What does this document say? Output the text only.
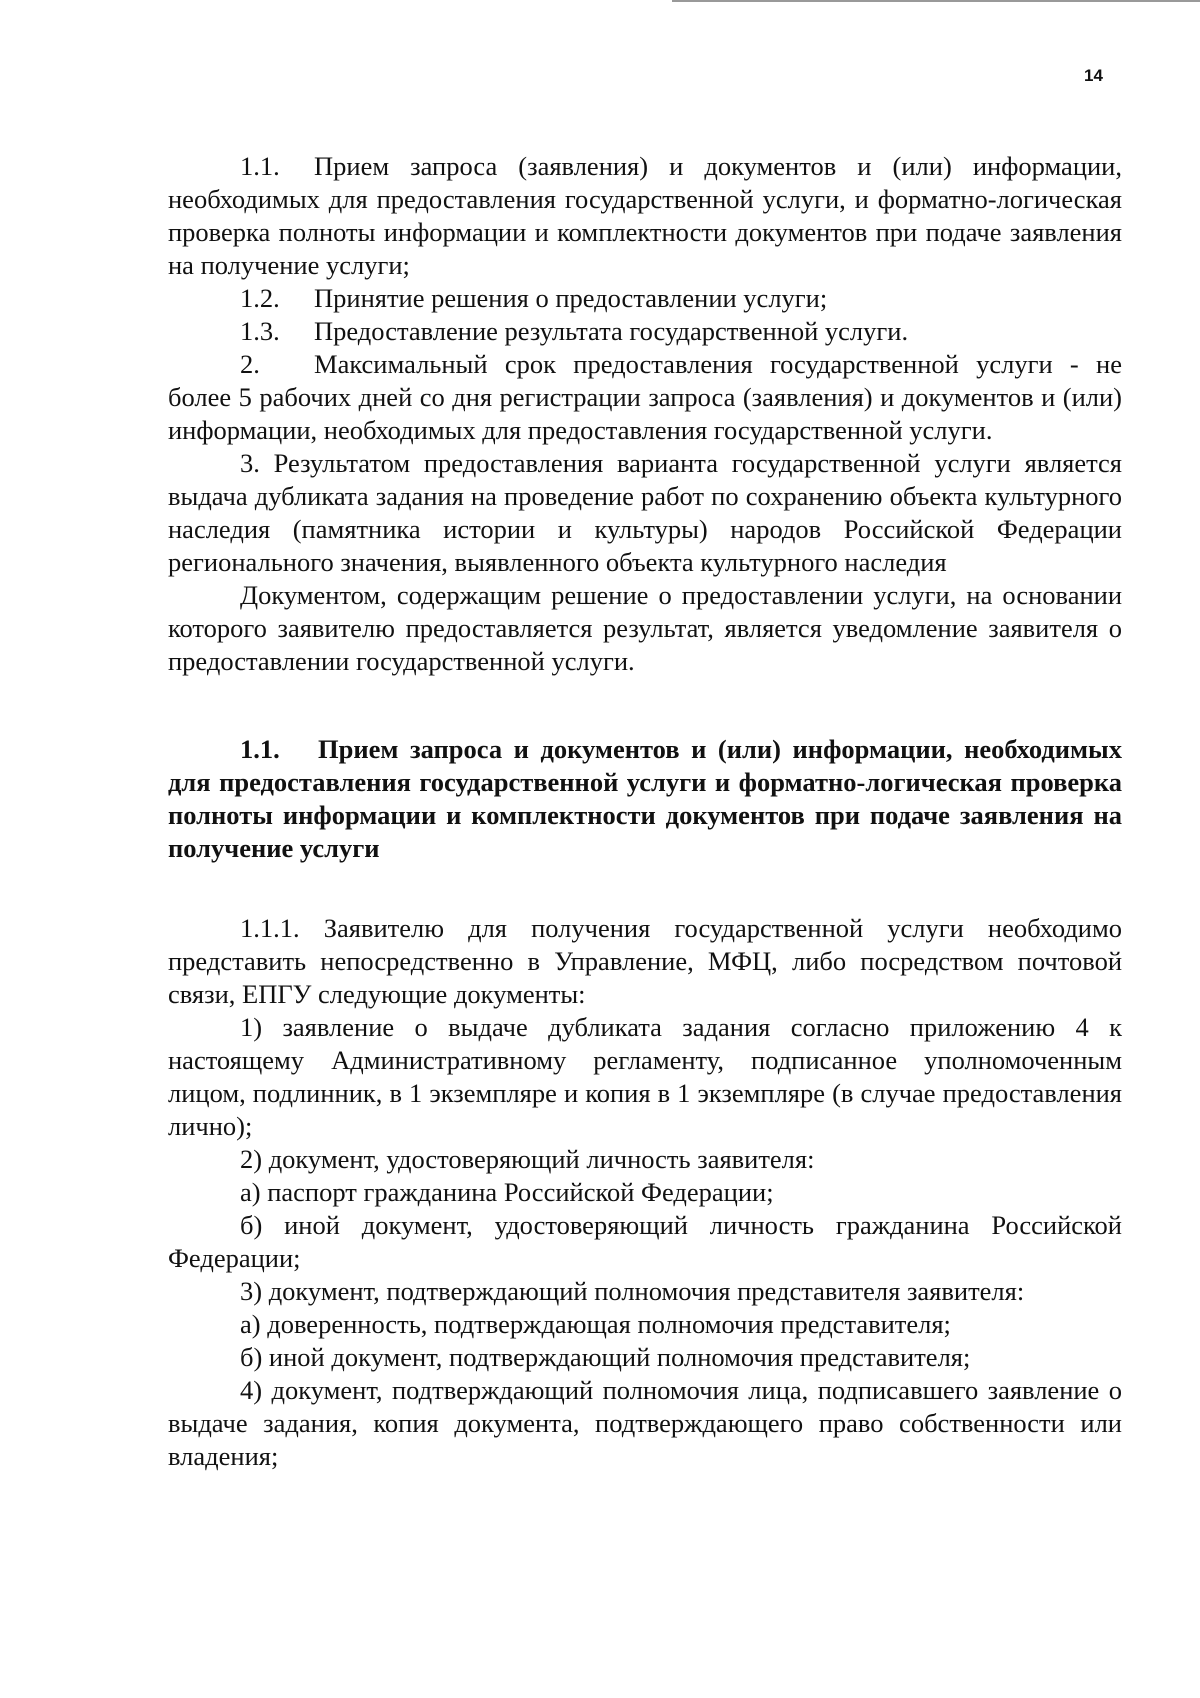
14

1.1. Прием запроса (заявления) и документов и (или) информации, необходимых для предоставления государственной услуги, и форматно-логическая проверка полноты информации и комплектности документов при подаче заявления на получение услуги;

1.2. Принятие решения о предоставлении услуги;

1.3. Предоставление результата государственной услуги.

2. Максимальный срок предоставления государственной услуги - не более 5 рабочих дней со дня регистрации запроса (заявления) и документов и (или) информации, необходимых для предоставления государственной услуги.

3. Результатом предоставления варианта государственной услуги является выдача дубликата задания на проведение работ по сохранению объекта культурного наследия (памятника истории и культуры) народов Российской Федерации регионального значения, выявленного объекта культурного наследия

Документом, содержащим решение о предоставлении услуги, на основании которого заявителю предоставляется результат, является уведомление заявителя о предоставлении государственной услуги.

1.1. Прием запроса и документов и (или) информации, необходимых для предоставления государственной услуги и форматно-логическая проверка полноты информации и комплектности документов при подаче заявления на получение услуги

1.1.1. Заявителю для получения государственной услуги необходимо представить непосредственно в Управление, МФЦ, либо посредством почтовой связи, ЕПГУ следующие документы:

1) заявление о выдаче дубликата задания согласно приложению 4 к настоящему Административному регламенту, подписанное уполномоченным лицом, подлинник, в 1 экземпляре и копия в 1 экземпляре (в случае предоставления лично);

2) документ, удостоверяющий личность заявителя:

а) паспорт гражданина Российской Федерации;

б) иной документ, удостоверяющий личность гражданина Российской Федерации;

3) документ, подтверждающий полномочия представителя заявителя:

а) доверенность, подтверждающая полномочия представителя;

б) иной документ, подтверждающий полномочия представителя;

4) документ, подтверждающий полномочия лица, подписавшего заявление о выдаче задания, копия документа, подтверждающего право собственности или владения;
